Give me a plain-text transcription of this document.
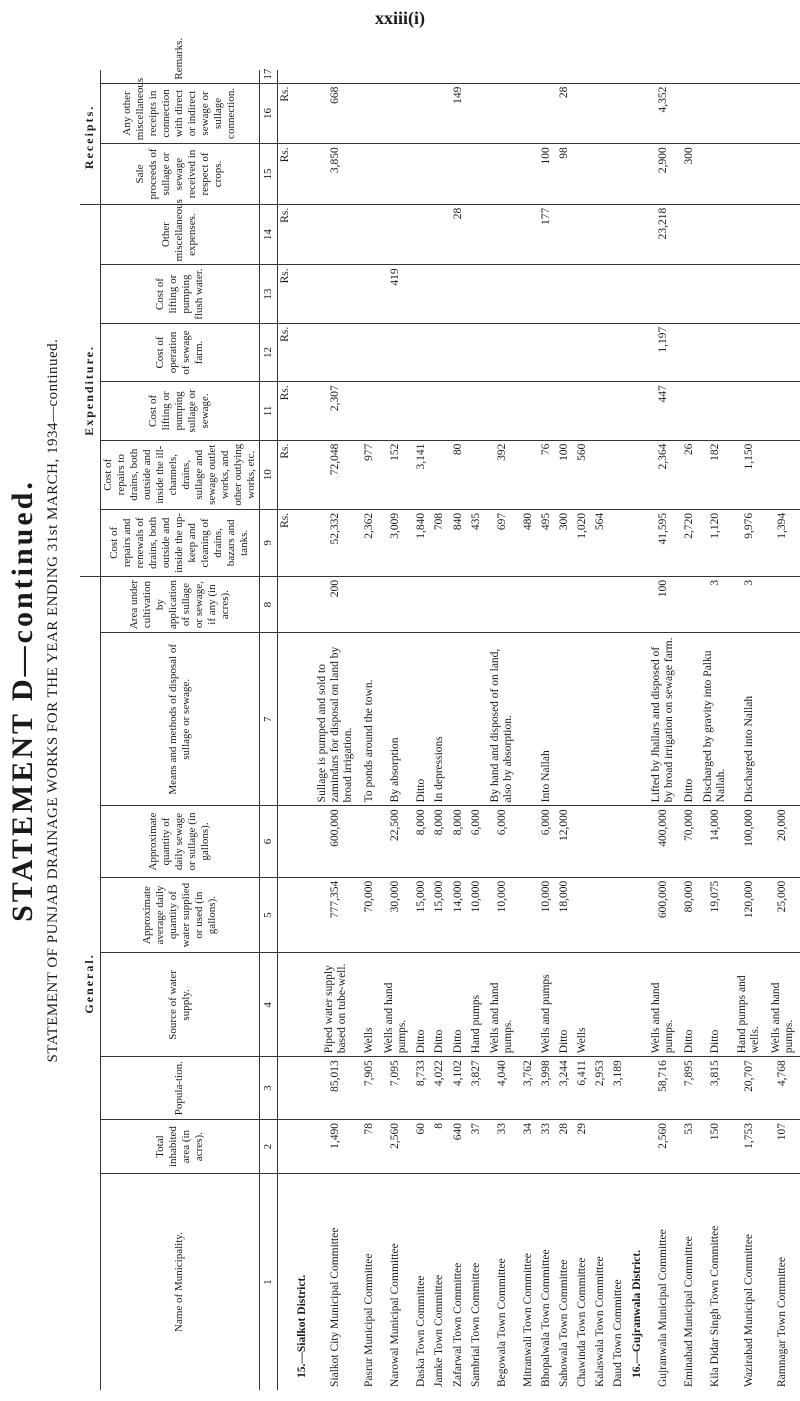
xxiii(i)
STATEMENT D—continued. STATEMENT OF PUNJAB DRAINAGE WORKS FOR THE YEAR ENDING 31st MARCH, 1934—continued. General.								Expenditure.						Receipts.		
Name of Municipality.	Total inhabited area (in acres).	Popula-tion.	Source of water supply.	Approximate average daily quantity of water supplied or used (in gallons).	Approximate quantity of daily sewage or sullage (in gallons).	Means and methods of disposal of sullage or sewage.	Area under cultivation by application of sullage or sewage, if any (in acres).	Cost of repairs and renewals of drains, both outside and inside the up-keep and cleaning of drains, bazars and tanks.	Cost of repairs to drains, both outside and inside the ill-channels, drains, sullage and sewage outlet works, and other outlying works, etc.	Cost of lifting or pumping sullage or sewage.	Cost of operation of sewage farm.	Cost of lifting or pumping flush water.	Other miscellaneous expenses.	Sale proceeds of sullage or sewage received in respect of crops.	Any other miscellaneous receipts in connection with direct or indirect sewage or sullage connection.	Remarks.
1	2	3	4	5	6	7	8	9	10	11	12	13	14	15	16	17
								Rs.	Rs.	Rs.	Rs.	Rs.	Rs.	Rs.	Rs.	
15.—Sialkot District.																
Sialkot City Municipal Committee	1,490	85,013	Piped water supply based on tube-well.	777,354	600,000	Sullage is pumped and sold to zamindars for disposal on land by broad irrigation.	200	52,332	72,048	2,307				3,850	668	
Pasrur Municipal Committee	78	7,905	Wells	70,000		To ponds around the town.		2,362	977							
Narowal Municipal Committee	2,560	7,095	Wells and hand pumps.	30,000	22,500	By absorption		3,009	152			419				
Daska Town Committee	60	8,733	Ditto	15,000	8,000	Ditto		1,840	3,141							
Jamke Town Committee	8	4,022	Ditto	15,000	8,000	In depressions		708								
Zafarwal Town Committee	640	4,102	Ditto	14,000	8,000			840	80				28		149	
Sambrial Town Committee	37	3,827	Hand pumps	10,000	6,000			435								
Begowala Town Committee	33	4,040	Wells and hand pumps.	10,000	6,000	By hand and disposed of on land, also by absorption.		697	392							
Mitranwali Town Committee	34	3,762						480								
Bhopalwala Town Committee	33	3,998	Wells and pumps	10,000	6,000	Into Nallah		495	76				177	100		
Sahowala Town Committee	28	3,244	Ditto	18,000	12,000			300	100					98	28	
Chawinda Town Committee	29	6,411	Wells					1,020	560							
Kalaswala Town Committee		2,953						564								
Daud Town Committee		3,189														
16.—Gujranwala District.																
Gujranwala Municipal Committee	2,560	58,716	Wells and hand pumps.	600,000	400,000	Lifted by Jhallars and disposed of by broad irrigation on sewage farm.	100	41,595	2,364	447	1,197		23,218	2,900	4,352	
Eminabad Municipal Committee	53	7,895	Ditto	80,000	70,000	Ditto		2,720	26					300		
Kila Didar Singh Town Committee	150	3,815	Ditto	19,075	14,000	Discharged by gravity into Palku Nallah.	3	1,120	182							
Wazirabad Municipal Committee	1,753	20,707	Hand pumps and wells.	120,000	100,000	Discharged into Nallah	3	9,976	1,150							
Ramnagar Town Committee	107	4,768	Wells and hand pumps.	25,000	20,000			1,394								
